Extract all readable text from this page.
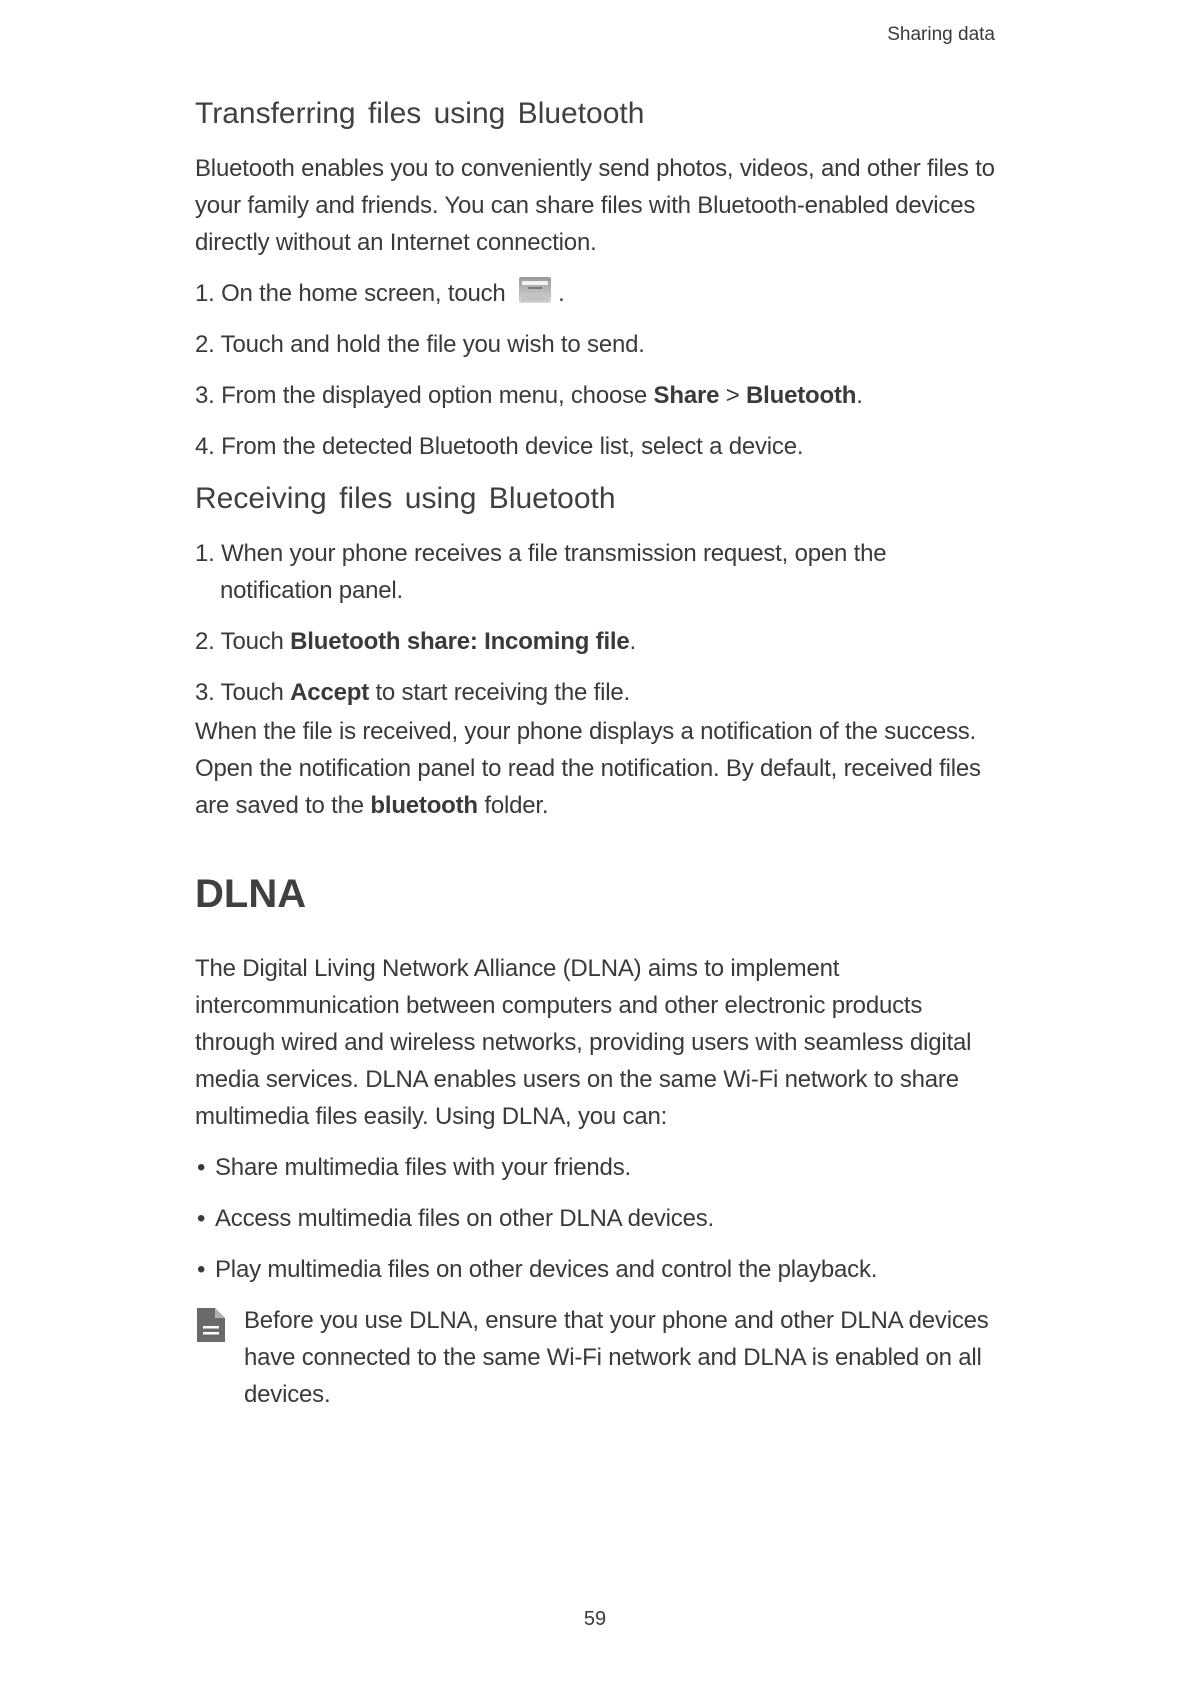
Sharing data
Transferring files using Bluetooth

Bluetooth enables you to conveniently send photos, videos, and other files to your family and friends. You can share files with Bluetooth-enabled devices directly without an Internet connection.

1. On the home screen, touch .
2. Touch and hold the file you wish to send.
3. From the displayed option menu, choose Share > Bluetooth.
4. From the detected Bluetooth device list, select a device.
Receiving files using Bluetooth
1. When your phone receives a file transmission request, open the notification panel.
2. Touch Bluetooth share: Incoming file.
3. Touch Accept to start receiving the file.

When the file is received, your phone displays a notification of the success. Open the notification panel to read the notification. By default, received files are saved to the bluetooth folder.

DLNA

The Digital Living Network Alliance (DLNA) aims to implement intercommunication between computers and other electronic products through wired and wireless networks, providing users with seamless digital media services. DLNA enables users on the same Wi-Fi network to share multimedia files easily. Using DLNA, you can:

• Share multimedia files with your friends.
• Access multimedia files on other DLNA devices.
• Play multimedia files on other devices and control the playback.
Before you use DLNA, ensure that your phone and other DLNA devices have connected to the same Wi-Fi network and DLNA is enabled on all devices.
59
